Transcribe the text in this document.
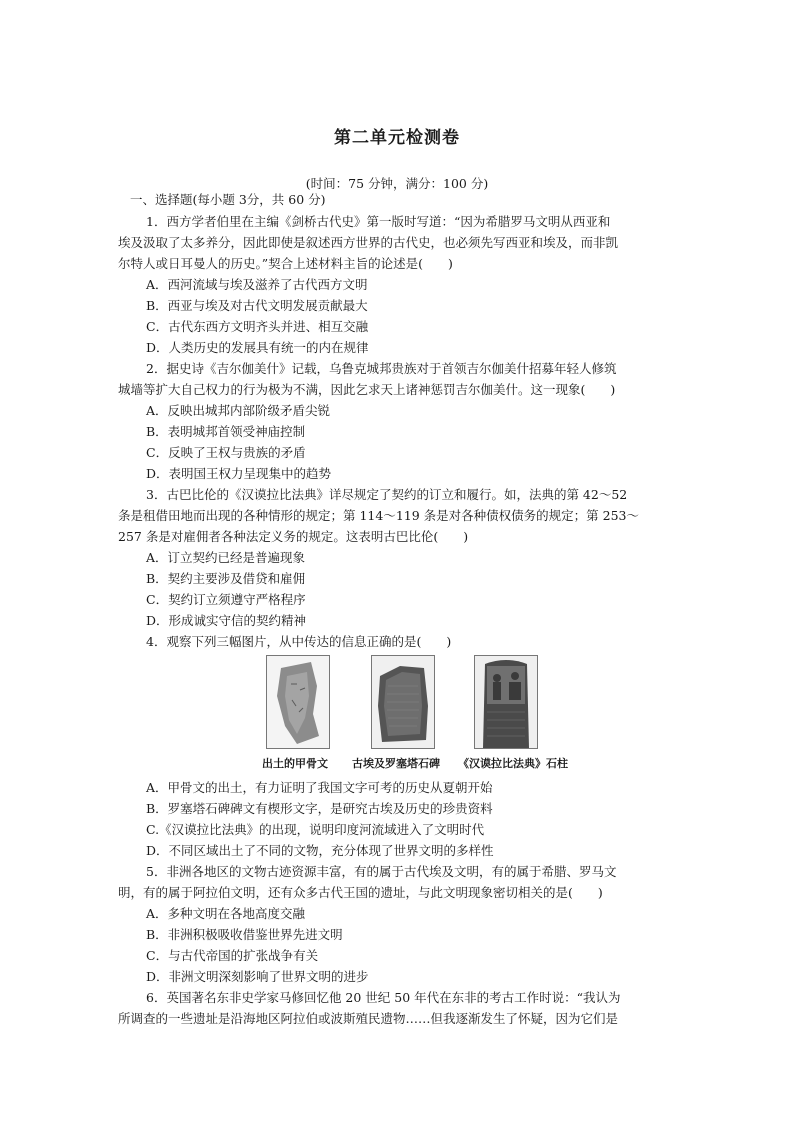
第二单元检测卷
(时间：75 分钟，满分：100 分)
一、选择题(每小题 3分，共 60 分)
1．西方学者伯里在主编《剑桥古代史》第一版时写道：“因为希腊罗马文明从西亚和
埃及汲取了太多养分，因此即使是叙述西方世界的古代史，也必须先写西亚和埃及，而非凯
尔特人或日耳曼人的历史。”契合上述材料主旨的论述是(　　)
A．西河流域与埃及滋养了古代西方文明
B．西亚与埃及对古代文明发展贡献最大
C．古代东西方文明齐头并进、相互交融
D．人类历史的发展具有统一的内在规律
2．据史诗《吉尔伽美什》记载，乌鲁克城邦贵族对于首领吉尔伽美什招募年轻人修筑
城墙等扩大自己权力的行为极为不满，因此乞求天上诸神惩罚吉尔伽美什。这一现象(　　)
A．反映出城邦内部阶级矛盾尖锐
B．表明城邦首领受神庙控制
C．反映了王权与贵族的矛盾
D．表明国王权力呈现集中的趋势
3．古巴比伦的《汉谟拉比法典》详尽规定了契约的订立和履行。如，法典的第 42～52
条是租借田地而出现的各种情形的规定；第 114～119 条是对各种债权债务的规定；第 253～
257 条是对雇佣者各种法定义务的规定。这表明古巴比伦(　　)
A．订立契约已经是普遍现象
B．契约主要涉及借贷和雇佣
C．契约订立须遵守严格程序
D．形成诚实守信的契约精神
4．观察下列三幅图片，从中传达的信息正确的是(　　)
出土的甲骨文 古埃及罗塞塔石碑 《汉谟拉比法典》石柱
A．甲骨文的出土，有力证明了我国文字可考的历史从夏朝开始
B．罗塞塔石碑碑文有楔形文字，是研究古埃及历史的珍贵资料
C.《汉谟拉比法典》的出现，说明印度河流域进入了文明时代
D．不同区域出土了不同的文物，充分体现了世界文明的多样性
5．非洲各地区的文物古迹资源丰富，有的属于古代埃及文明，有的属于希腊、罗马文
明，有的属于阿拉伯文明，还有众多古代王国的遗址，与此文明现象密切相关的是(　　)
A．多种文明在各地高度交融
B．非洲积极吸收借鉴世界先进文明
C．与古代帝国的扩张战争有关
D．非洲文明深刻影响了世界文明的进步
6．英国著名东非史学家马修回忆他 20 世纪 50 年代在东非的考古工作时说：“我认为
所调查的一些遗址是沿海地区阿拉伯或波斯殖民遗物……但我逐渐发生了怀疑，因为它们是
